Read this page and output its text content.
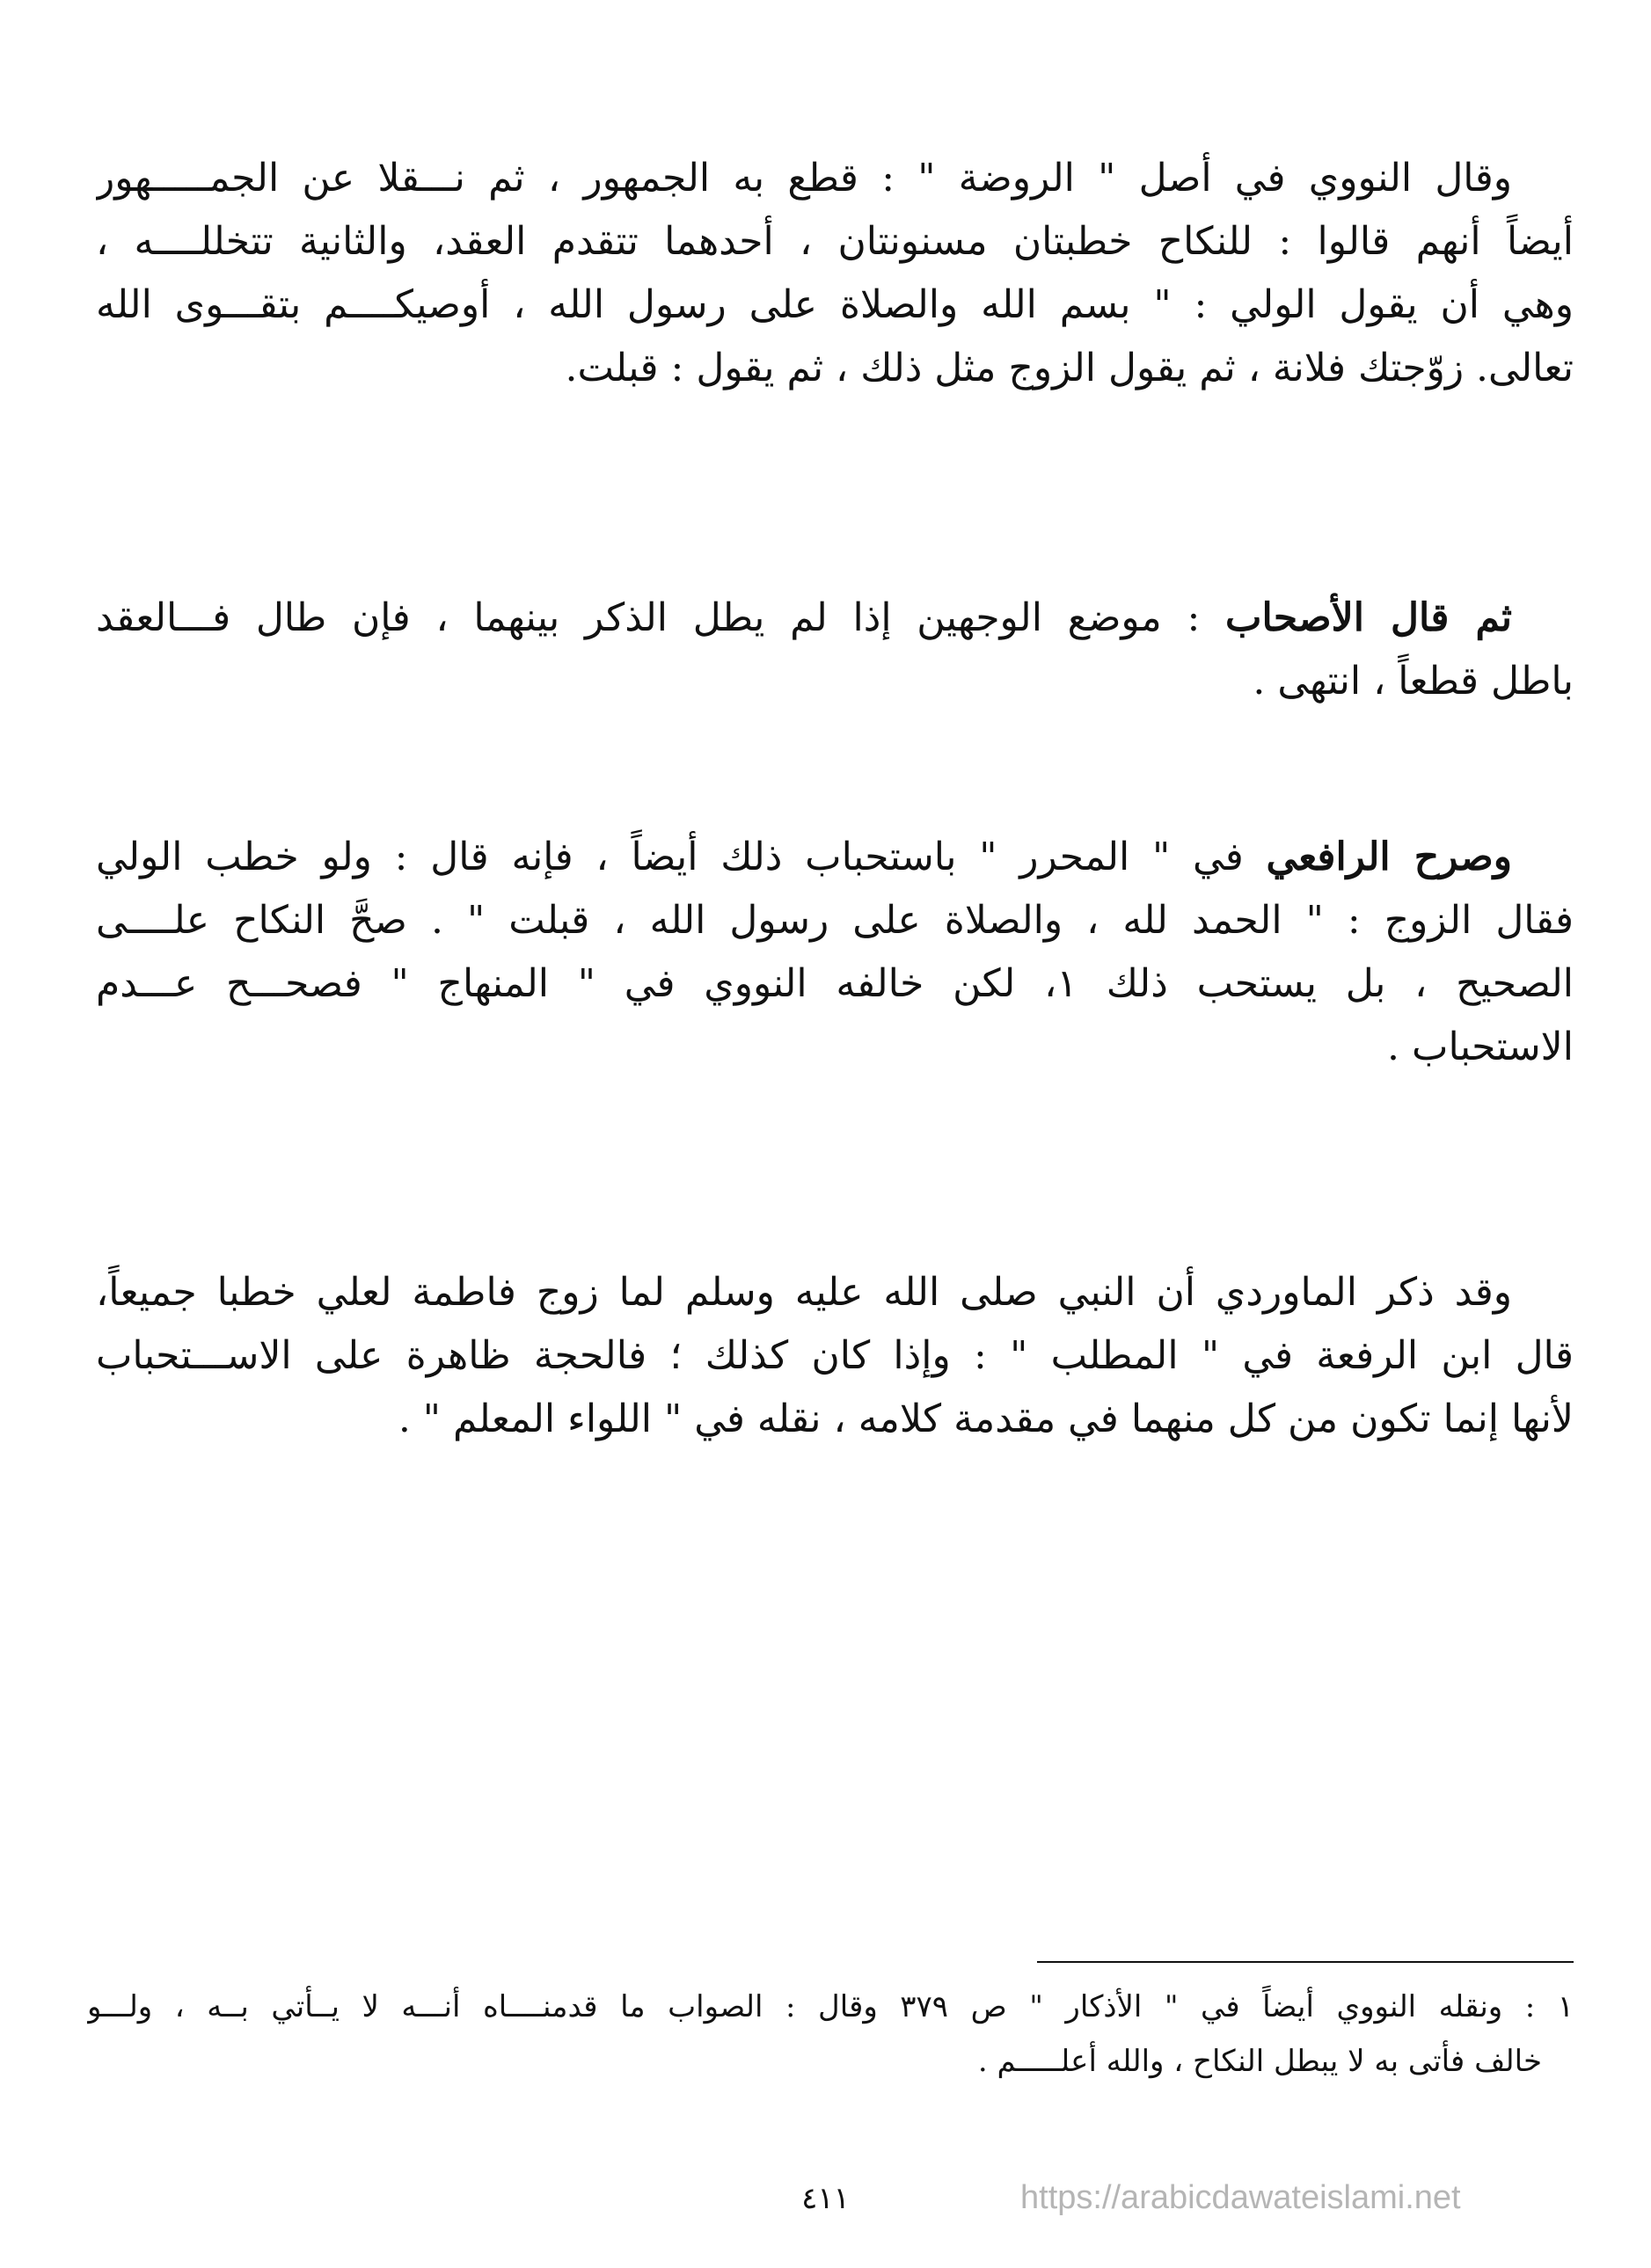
وقال النووي في أصل " الروضة " : قطع به الجمهور ، ثم نـــقلا عن الجمـــــهور
أيضاً أنهم قالوا : للنكاح خطبتان مسنونتان ، أحدهما تتقدم العقد، والثانية تتخللــــه ،
وهي أن يقول الولي : " بسم الله والصلاة على رسول الله ، أوصيكــــم بتقـــوى الله
تعالى. زوّجتك فلانة ، ثم يقول الزوج مثل ذلك ، ثم يقول : قبلت.
ثم قال الأصحاب : موضع الوجهين إذا لم يطل الذكر بينهما ، فإن طال فـــالعقد
باطل قطعاً ، انتهى .
وصرح الرافعي في " المحرر " باستحباب ذلك أيضاً ، فإنه قال : ولو خطب الولي
فقال الزوج : " الحمد لله ، والصلاة على رسول الله ، قبلت " . صحَّ النكاح علــــى
الصحيح ، بل يستحب ذلك ١، لكن خالفه النووي في " المنهاج " فصحـــح عـــدم
الاستحباب .
وقد ذكر الماوردي أن النبي صلى الله عليه وسلم لما زوج فاطمة لعلي خطبا جميعاً،
قال ابن الرفعة في " المطلب " : وإذا كان كذلك ؛ فالحجة ظاهرة على الاســـتحباب
لأنها إنما تكون من كل منهما في مقدمة كلامه ، نقله في " اللواء المعلم " .
١ : ونقله النووي أيضاً في " الأذكار " ص ٣٧٩ وقال : الصواب ما قدمنــــاه أنـــه لا يــأتي بــه ، ولـــو
خالف فأتى به لا يبطل النكاح ، والله أعلـــــم .
٤١١	https://arabicdawateislami.net
